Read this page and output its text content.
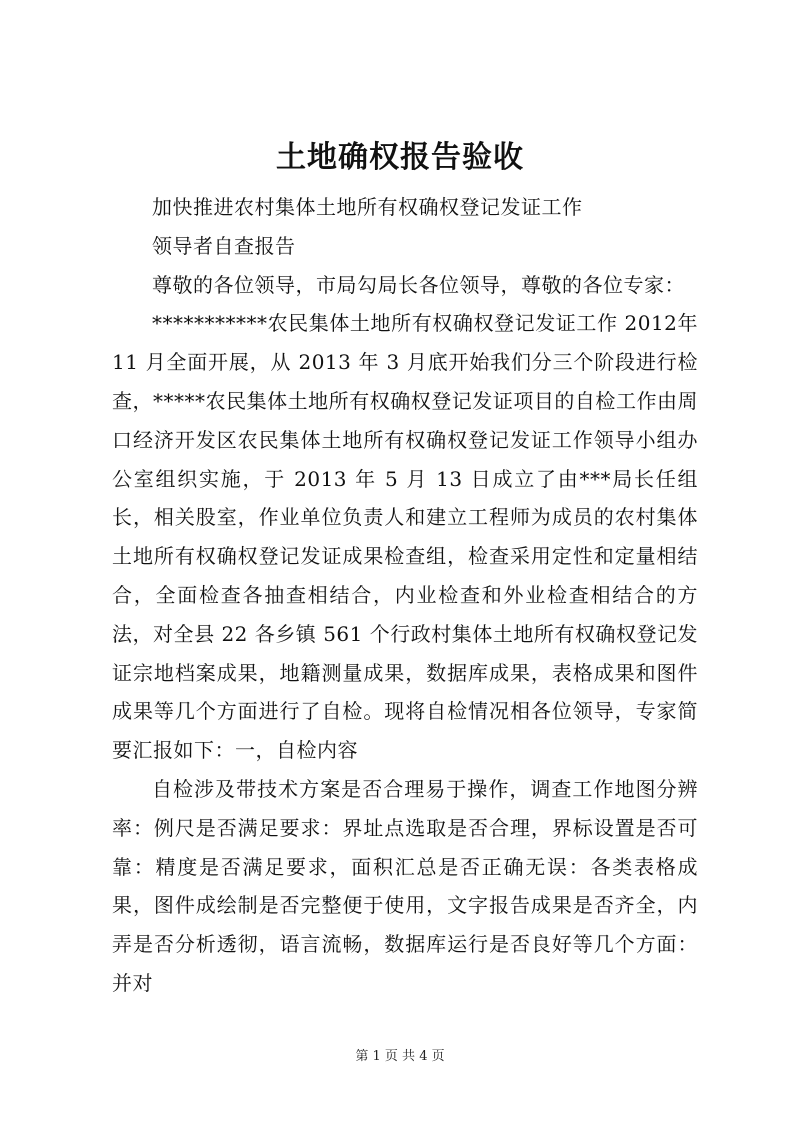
土地确权报告验收

加快推进农村集体土地所有权确权登记发证工作

领导者自查报告

尊敬的各位领导，市局勾局长各位领导，尊敬的各位专家：

***********农民集体土地所有权确权登记发证工作 2012年 11 月全面开展，从 2013 年 3 月底开始我们分三个阶段进行检查，*****农民集体土地所有权确权登记发证项目的自检工作由周口经济开发区农民集体土地所有权确权登记发证工作领导小组办公室组织实施，于 2013 年 5 月 13 日成立了由***局长任组长，相关股室，作业单位负责人和建立工程师为成员的农村集体土地所有权确权登记发证成果检查组，检查采用定性和定量相结合，全面检查各抽查相结合，内业检查和外业检查相结合的方法，对全县 22 各乡镇 561 个行政村集体土地所有权确权登记发证宗地档案成果，地籍测量成果，数据库成果，表格成果和图件成果等几个方面进行了自检。现将自检情况相各位领导，专家简要汇报如下：一，自检内容

自检涉及带技术方案是否合理易于操作，调查工作地图分辨率：例尺是否满足要求：界址点选取是否合理，界标设置是否可靠：精度是否满足要求，面积汇总是否正确无误：各类表格成果，图件成绘制是否完整便于使用，文字报告成果是否齐全，内弄是否分析透彻，语言流畅，数据库运行是否良好等几个方面：并对

第 1 页 共 4 页
